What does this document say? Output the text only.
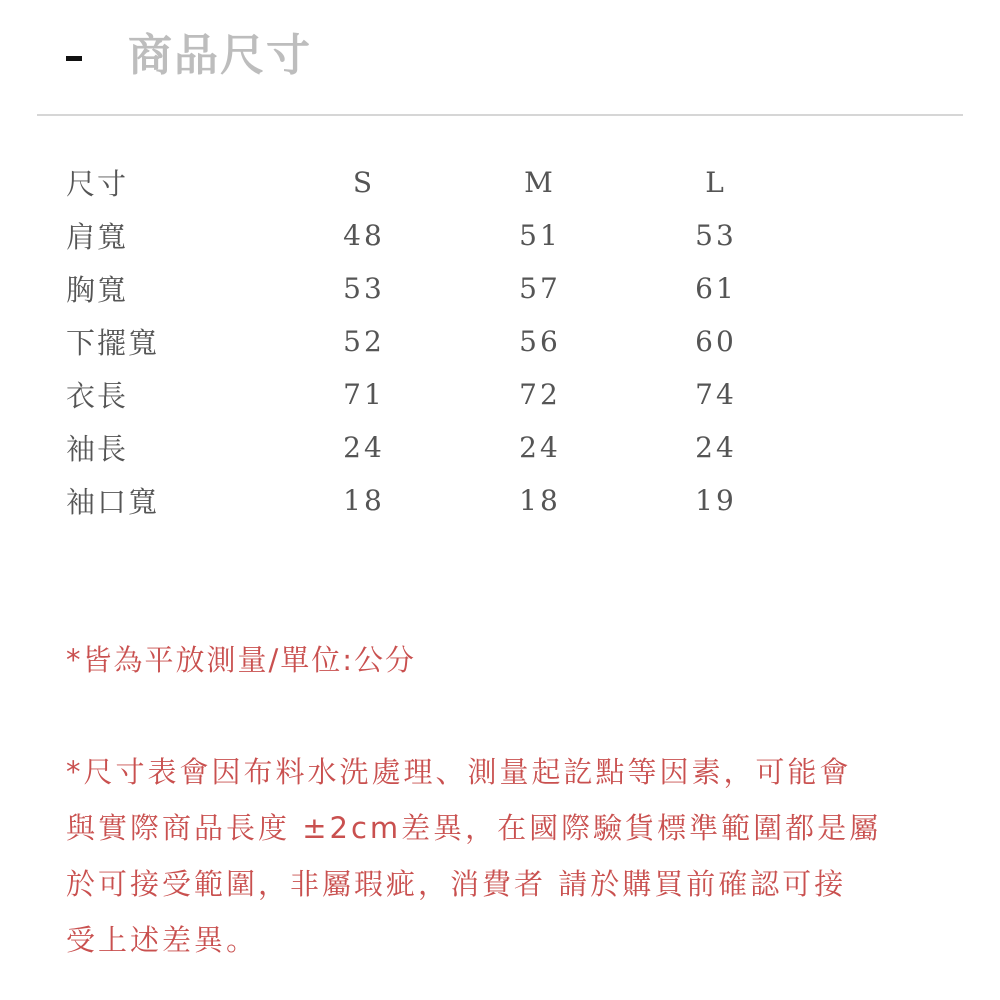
商品尺寸
尺寸	S	M	L
肩寬	48	51	53
胸寬	53	57	61
下擺寬	52	56	60
衣長	71	72	74
袖長	24	24	24
袖口寬	18	18	19
*皆為平放測量/單位:公分
*尺寸表會因布料水洗處理、測量起訖點等因素，可能會
與實際商品長度 ±2cm差異，在國際驗貨標準範圍都是屬
於可接受範圍，非屬瑕疵，消費者 請於購買前確認可接
受上述差異。
